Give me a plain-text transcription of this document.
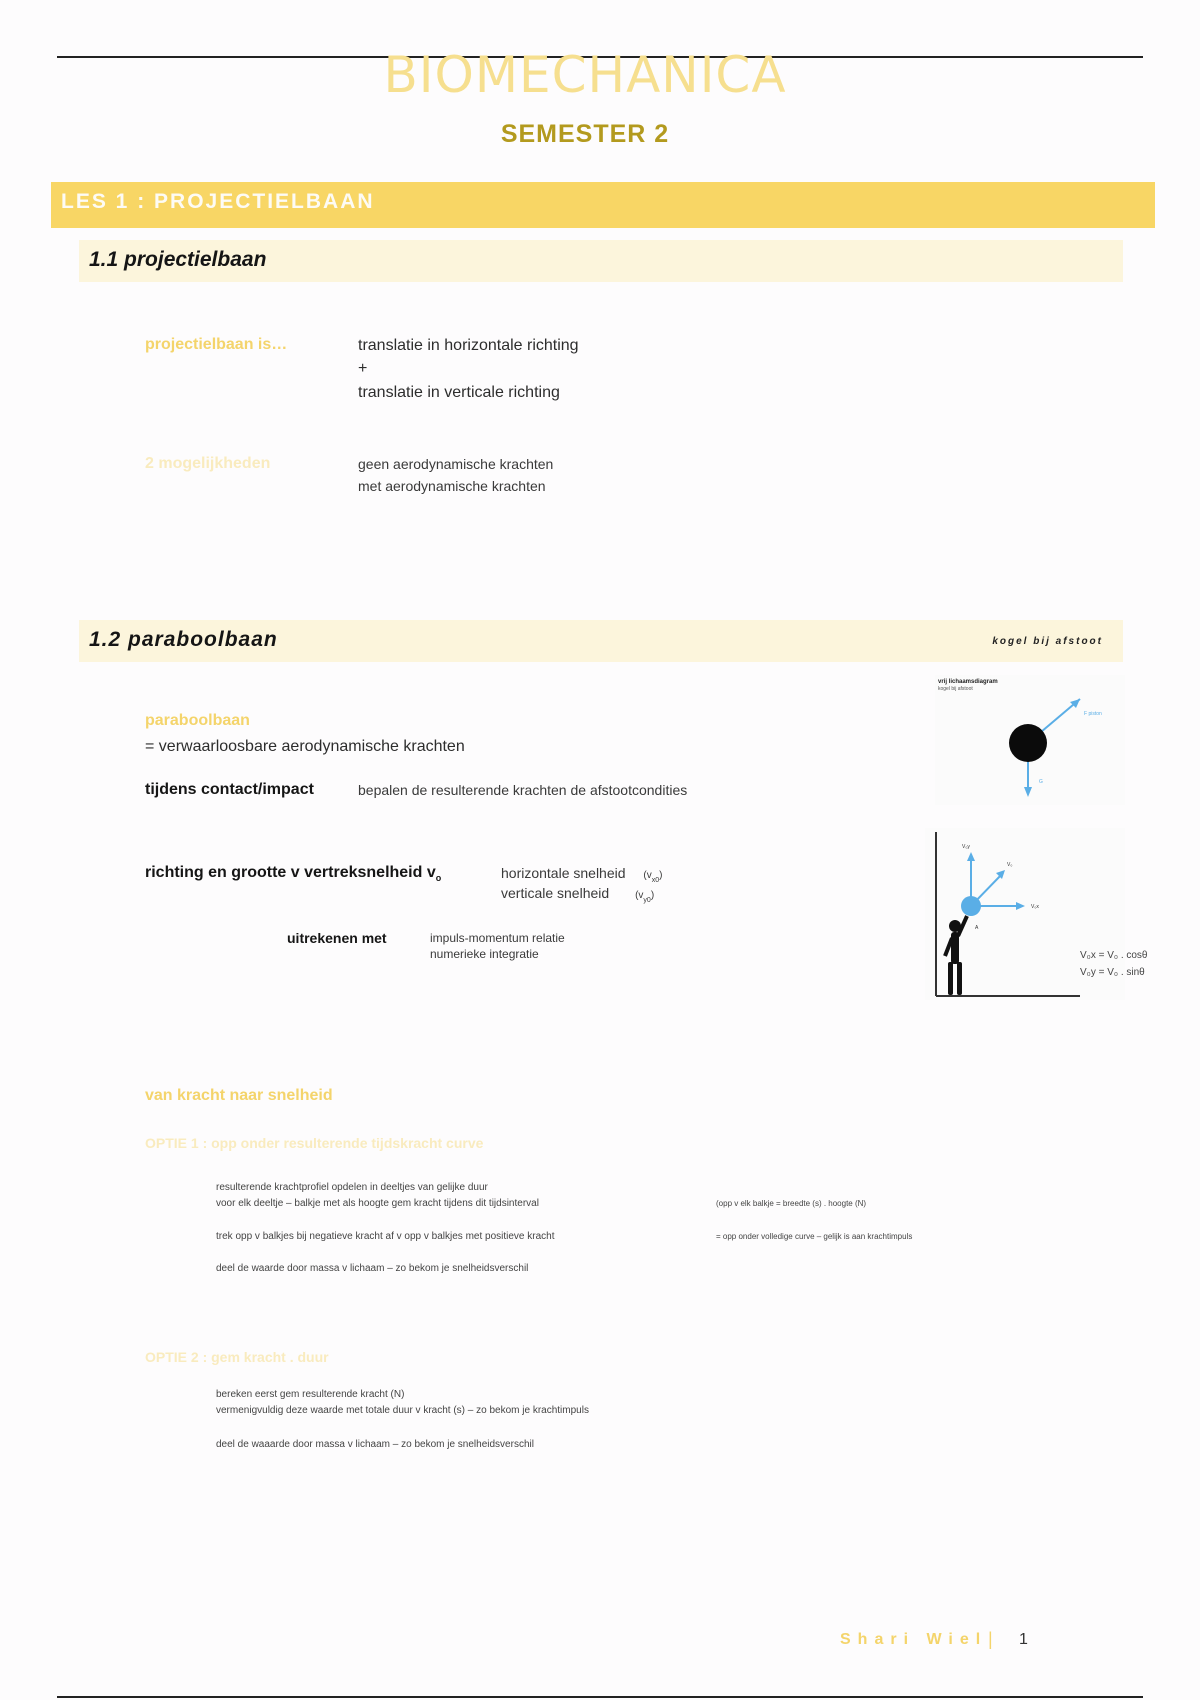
BIOMECHANICA
SEMESTER 2
LES 1 : PROJECTIELBAAN
1.1 projectielbaan
projectielbaan is…	translatie in horizontale richting
+
translatie in verticale richting
2 mogelijkheden	geen aerodynamische krachten
met aerodynamische krachten
1.2 paraboolbaan	kogel bij afstoot
paraboolbaan
= verwaarloosbare aerodynamische krachten
tijdens contact/impact	bepalen de resulterende krachten de afstootcondities
richting en grootte v vertreksnelheid $v_o$	horizontale snelheid $(v_{x0})$
verticale snelheid	$(v_{y0})$
uitrekenen met	impuls-momentum relatie
numerieke integratie
vrij lichaamsdiagram
kogel bij afstoot
F piston
G
V₀y
V₀
V₀x
A
V₀x = V₀ . cosθ
V₀y = V₀ . sinθ
van kracht naar snelheid
OPTIE 1 : opp onder resulterende tijdskracht curve
resulterende krachtprofiel opdelen in deeltjes van gelijke duur
voor elk deeltje – balkje met als hoogte gem kracht tijdens dit tijdsinterval	(opp v elk balkje = breedte (s) . hoogte (N)
trek opp v balkjes bij negatieve kracht af v opp v balkjes met positieve kracht	= opp onder volledige curve – gelijk is aan krachtimpuls
deel de waarde door massa v lichaam – zo bekom je snelheidsverschil
OPTIE 2 : gem kracht . duur
bereken eerst gem resulterende kracht (N)
vermenigvuldig deze waarde met totale duur v kracht (s) – zo bekom je krachtimpuls
deel de waaarde door massa v lichaam – zo bekom je snelheidsverschil
Shari Wiel | 1
